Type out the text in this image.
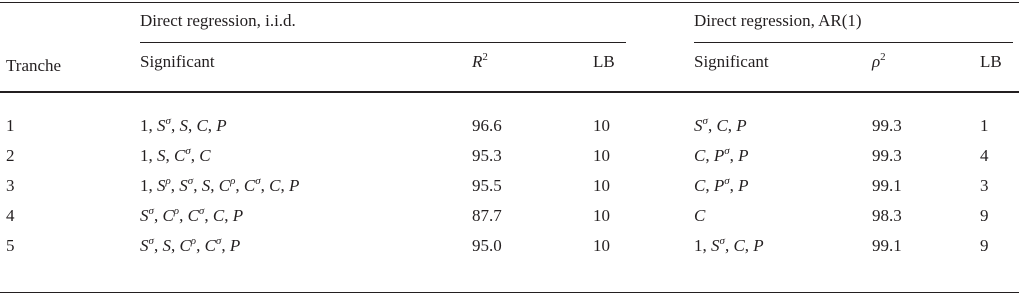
Direct regression, i.i.d.	Direct regression, AR(1)
Tranche	Significant	$R^2$	LB	Significant	$\rho^2$	LB
1	1, $S^\sigma$, S, C, P	96.6	10	$S^\sigma$, C, P	99.3	1
2	1, S, $C^\sigma$, C	95.3	10	C, $P^\sigma$, P	99.3	4
3	1, $S^\rho$, $S^\sigma$, S, $C^\rho$, $C^\sigma$, C, P	95.5	10	C, $P^\sigma$, P	99.1	3
4	$S^\sigma$, $C^\rho$, $C^\sigma$, C, P	87.7	10	C	98.3	9
5	$S^\sigma$, S, $C^\rho$, $C^\sigma$, P	95.0	10	1, $S^\sigma$, C, P	99.1	9
